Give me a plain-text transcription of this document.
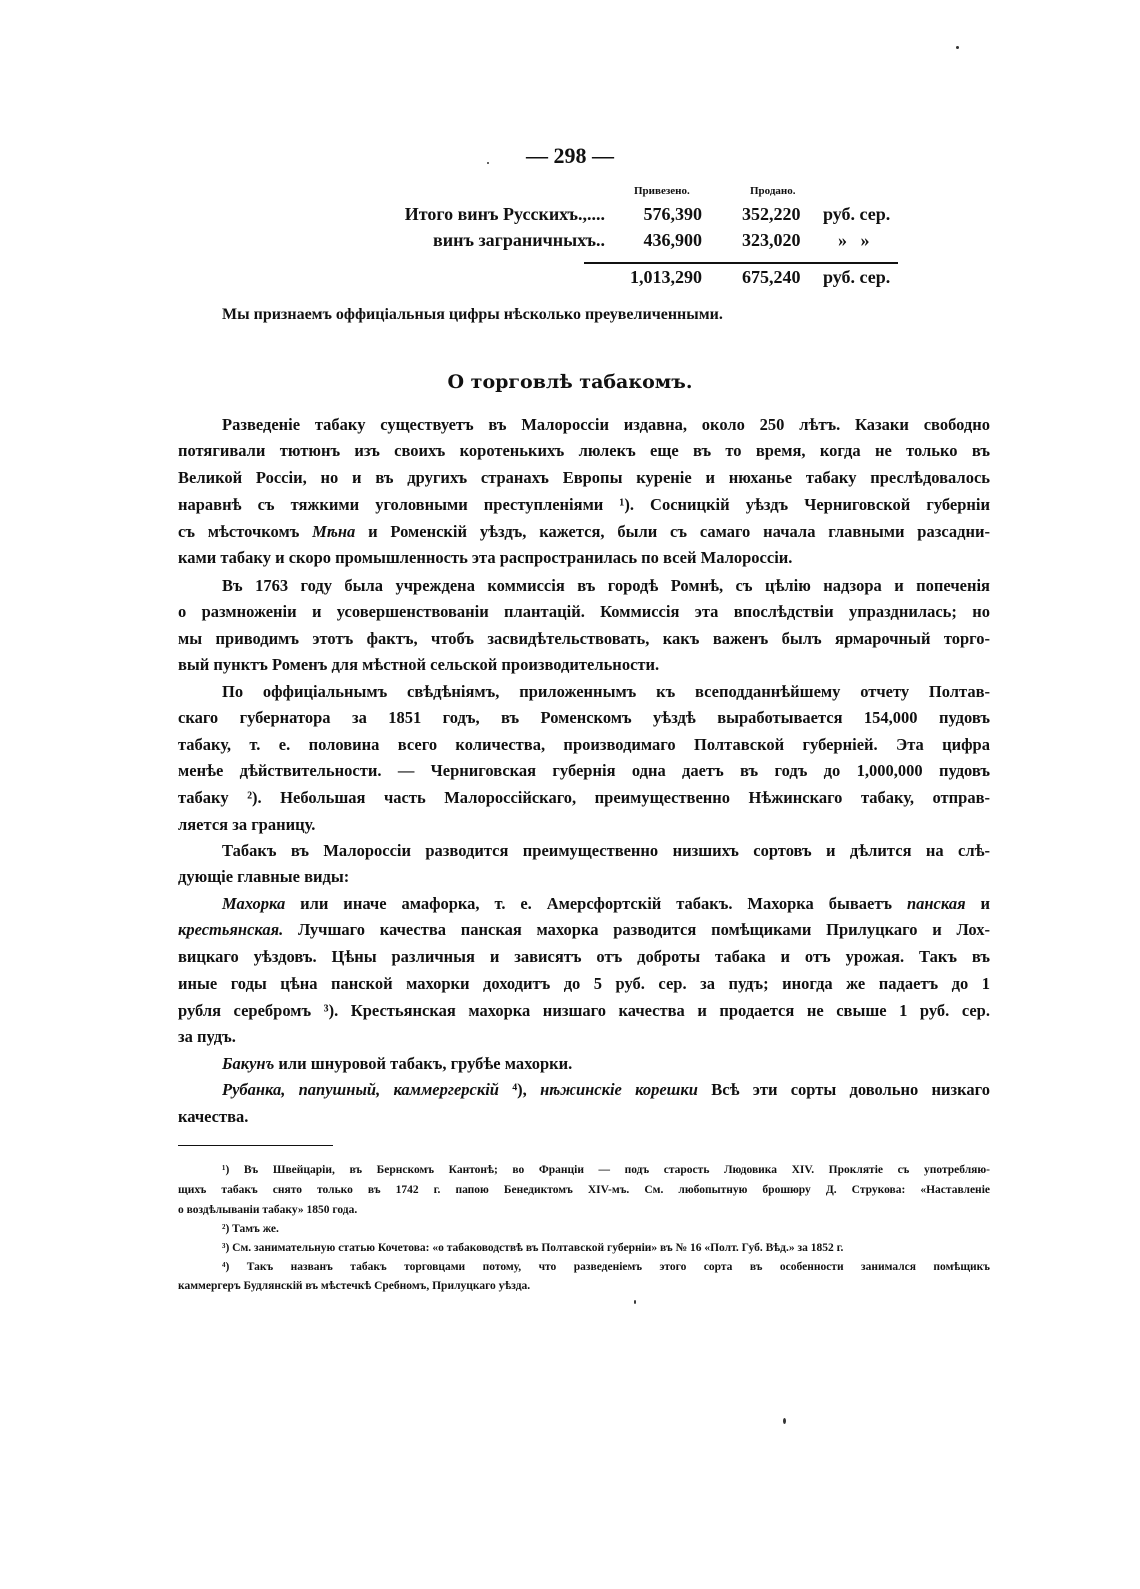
— 298 —
Привезено.	Продано.
Итого винъ Русскихъ.,.... 576,390 352,220 руб. сер.
винъ заграничныхъ.. 436,900 323,020 »   »
1,013,290 675,240 руб. сер.
Мы признаемъ оффиціальныя цифры нѣсколько преувеличенными.
О торговлѣ табакомъ.
Разведеніе табаку существуетъ въ Малороссіи издавна, около 250 лѣтъ. Казаки свободно
потягивали тютюнъ изъ своихъ коротенькихъ люлекъ еще въ то время, когда не только въ
Великой Россіи, но и въ другихъ странахъ Европы куреніе и нюханье табаку преслѣдовалось
наравнѣ съ тяжкими уголовными преступленіями ¹). Сосницкій уѣздъ Черниговской губерніи
съ мѣсточкомъ Мѣна и Роменскій уѣздъ, кажется, были съ самаго начала главными разсадни-
ками табаку и скоро промышленность эта распространилась по всей Малороссіи.
Въ 1763 году была учреждена коммиссія въ городѣ Ромнѣ, съ цѣлію надзора и попеченія
о размноженіи и усовершенствованіи плантацій. Коммиссія эта впослѣдствіи упразднилась; но
мы приводимъ этотъ фактъ, чтобъ засвидѣтельствовать, какъ важенъ былъ ярмарочный торго-
вый пунктъ Роменъ для мѣстной сельской производительности.
По оффиціальнымъ свѣдѣніямъ, приложеннымъ къ всеподданнѣйшему отчету Полтав-
скаго губернатора за 1851 годъ, въ Роменскомъ уѣздѣ выработывается 154,000 пудовъ
табаку, т. е. половина всего количества, производимаго Полтавской губерніей. Эта цифра
менѣе дѣйствительности. — Черниговская губернія одна даетъ въ годъ до 1,000,000 пудовъ
табаку ²). Небольшая часть Малороссійскаго, преимущественно Нѣжинскаго табаку, отправ-
ляется за границу.
Табакъ въ Малороссіи разводится преимущественно низшихъ сортовъ и дѣлится на слѣ-
дующіе главные виды:
Махорка или иначе амафорка, т. е. Амерсфортскій табакъ. Махорка бываетъ панская и
крестьянская. Лучшаго качества панская махорка разводится помѣщиками Прилуцкаго и Лох-
вицкаго уѣздовъ. Цѣны различныя и зависятъ отъ доброты табака и отъ урожая. Такъ въ
иные годы цѣна панской махорки доходитъ до 5 руб. сер. за пудъ; иногда же падаетъ до 1
рубля серебромъ ³). Крестьянская махорка низшаго качества и продается не свыше 1 руб. сер.
за пудъ.
Бакунъ или шнуровой табакъ, грубѣе махорки.
Рубанка, папушный, каммергерскій ⁴), нѣжинскіе корешки Всѣ эти сорты довольно низкаго
качества.
¹) Въ Швейцаріи, въ Бернскомъ Кантонѣ; во Франціи — подъ старость Людовика XIV. Проклятіе съ употребляю-
щихъ табакъ снято только въ 1742 г. папою Бенедиктомъ XIV-мъ. См. любопытную брошюру Д. Струкова: «Наставленіе
о воздѣлываніи табаку» 1850 года.
²) Тамъ же.
³) См. занимательную статью Кочетова: «о табаководствѣ въ Полтавской губерніи» въ № 16 «Полт. Губ. Вѣд.» за 1852 г.
⁴) Такъ названъ табакъ торговцами потому, что разведеніемъ этого сорта въ особенности занимался помѣщикъ
каммергеръ Будлянскій въ мѣстечкѣ Сребномъ, Прилуцкаго уѣзда.
